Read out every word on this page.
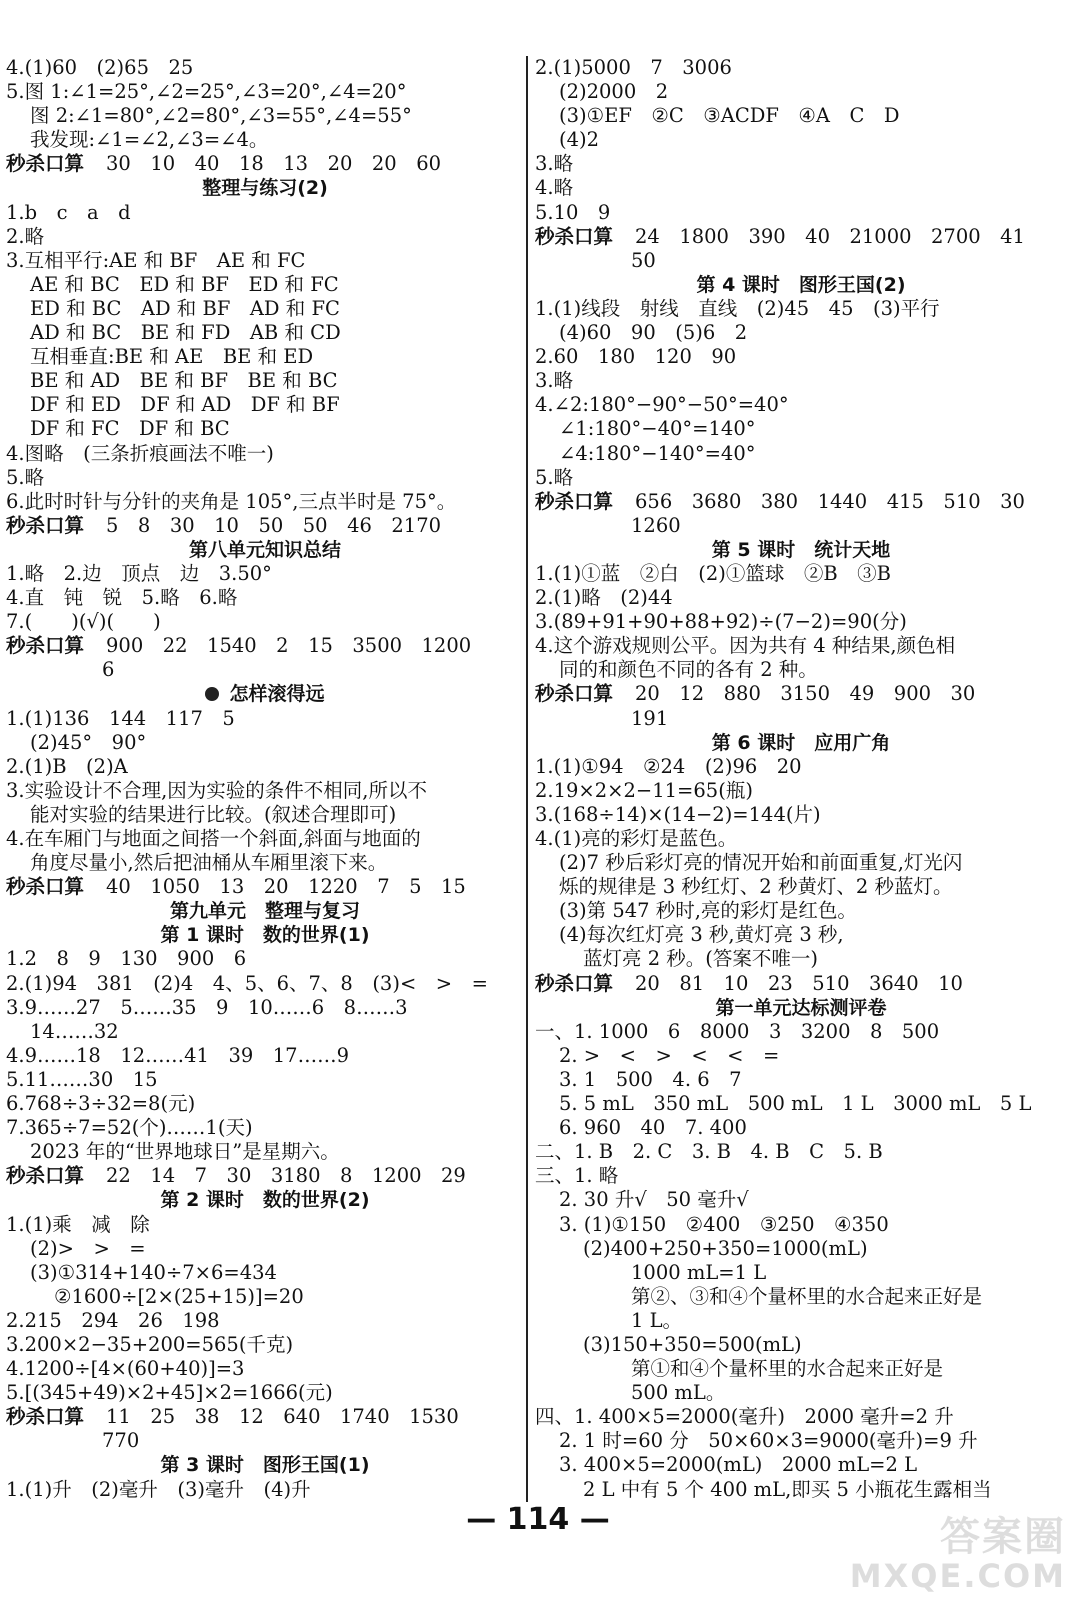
4.(1)60　(2)65　25
5.图 1:∠1=25°,∠2=25°,∠3=20°,∠4=20°
图 2:∠1=80°,∠2=80°,∠3=55°,∠4=55°
我发现:∠1=∠2,∠3=∠4。
秒杀口算 30　10　40　18　13　20　20　60
整理与练习(2)
1.b　c　a　d
2.略
3.互相平行:AE 和 BF　AE 和 FC
AE 和 BC　ED 和 BF　ED 和 FC
ED 和 BC　AD 和 BF　AD 和 FC
AD 和 BC　BE 和 FD　AB 和 CD
互相垂直:BE 和 AE　BE 和 ED
BE 和 AD　BE 和 BF　BE 和 BC
DF 和 ED　DF 和 AD　DF 和 BF
DF 和 FC　DF 和 BC
4.图略　(三条折痕画法不唯一)
5.略
6.此时时针与分针的夹角是 105°,三点半时是 75°。
秒杀口算 5　8　30　10　50　50　46　2170
第八单元知识总结
1.略　2.边　顶点　边　3.50°
4.直　钝　锐　5.略　6.略
7.(　　)(√)(　　)
秒杀口算 900　22　1540　2　15　3500　1200
6
怎样滚得远
1.(1)136　144　117　5
(2)45°　90°
2.(1)B　(2)A
3.实验设计不合理,因为实验的条件不相同,所以不
能对实验的结果进行比较。(叙述合理即可)
4.在车厢门与地面之间搭一个斜面,斜面与地面的
角度尽量小,然后把油桶从车厢里滚下来。
秒杀口算 40　1050　13　20　1220　7　5　15
第九单元　整理与复习
第 1 课时　数的世界(1)
1.2　8　9　130　900　6
2.(1)94　381　(2)4　4、5、6、7、8　(3)<　>　=
3.9……27　5……35　9　10……6　8……3
14……32
4.9……18　12……41　39　17……9
5.11……30　15
6.768÷3÷32=8(元)
7.365÷7=52(个)……1(天)
2023 年的“世界地球日”是星期六。
秒杀口算 22　14　7　30　3180　8　1200　29
第 2 课时　数的世界(2)
1.(1)乘　减　除
(2)>　>　=
(3)①314+140÷7×6=434
②1600÷[2×(25+15)]=20
2.215　294　26　198
3.200×2−35+200=565(千克)
4.1200÷[4×(60+40)]=3
5.[(345+49)×2+45]×2=1666(元)
秒杀口算 11　25　38　12　640　1740　1530
770
第 3 课时　图形王国(1)
1.(1)升　(2)毫升　(3)毫升　(4)升
2.(1)5000　7　3006
(2)2000　2
(3)①EF　②C　③ACDF　④A　C　D
(4)2
3.略
4.略
5.10　9
秒杀口算 24　1800　390　40　21000　2700　41
50
第 4 课时　图形王国(2)
1.(1)线段　射线　直线　(2)45　45　(3)平行
(4)60　90　(5)6　2
2.60　180　120　90
3.略
4.∠2:180°−90°−50°=40°
∠1:180°−40°=140°
∠4:180°−140°=40°
5.略
秒杀口算 656　3680　380　1440　415　510　30
1260
第 5 课时　统计天地
1.(1)①蓝　②白　(2)①篮球　②B　③B
2.(1)略　(2)44
3.(89+91+90+88+92)÷(7−2)=90(分)
4.这个游戏规则公平。因为共有 4 种结果,颜色相
同的和颜色不同的各有 2 种。
秒杀口算 20　12　880　3150　49　900　30
191
第 6 课时　应用广角
1.(1)①94　②24　(2)96　20
2.19×2×2−11=65(瓶)
3.(168÷14)×(14−2)=144(片)
4.(1)亮的彩灯是蓝色。
(2)7 秒后彩灯亮的情况开始和前面重复,灯光闪
烁的规律是 3 秒红灯、2 秒黄灯、2 秒蓝灯。
(3)第 547 秒时,亮的彩灯是红色。
(4)每次红灯亮 3 秒,黄灯亮 3 秒,
蓝灯亮 2 秒。(答案不唯一)
秒杀口算 20　81　10　23　510　3640　10
第一单元达标测评卷
一、1. 1000　6　8000　3　3200　8　500
2. >　<　>　<　<　=
3. 1　500　4. 6　7
5. 5 mL　350 mL　500 mL　1 L　3000 mL　5 L
6. 960　40　7. 400
二、1. B　2. C　3. B　4. B　C　5. B
三、1. 略
2. 30 升√　50 毫升√
3. (1)①150　②400　③250　④350
(2)400+250+350=1000(mL)
1000 mL=1 L
第②、③和④个量杯里的水合起来正好是
1 L。
(3)150+350=500(mL)
第①和④个量杯里的水合起来正好是
500 mL。
四、1. 400×5=2000(毫升)　2000 毫升=2 升
2. 1 时=60 分　50×60×3=9000(毫升)=9 升
3. 400×5=2000(mL)　2000 mL=2 L
2 L 中有 5 个 400 mL,即买 5 小瓶花生露相当
— 114 —	答案圈
MXQE.COM
